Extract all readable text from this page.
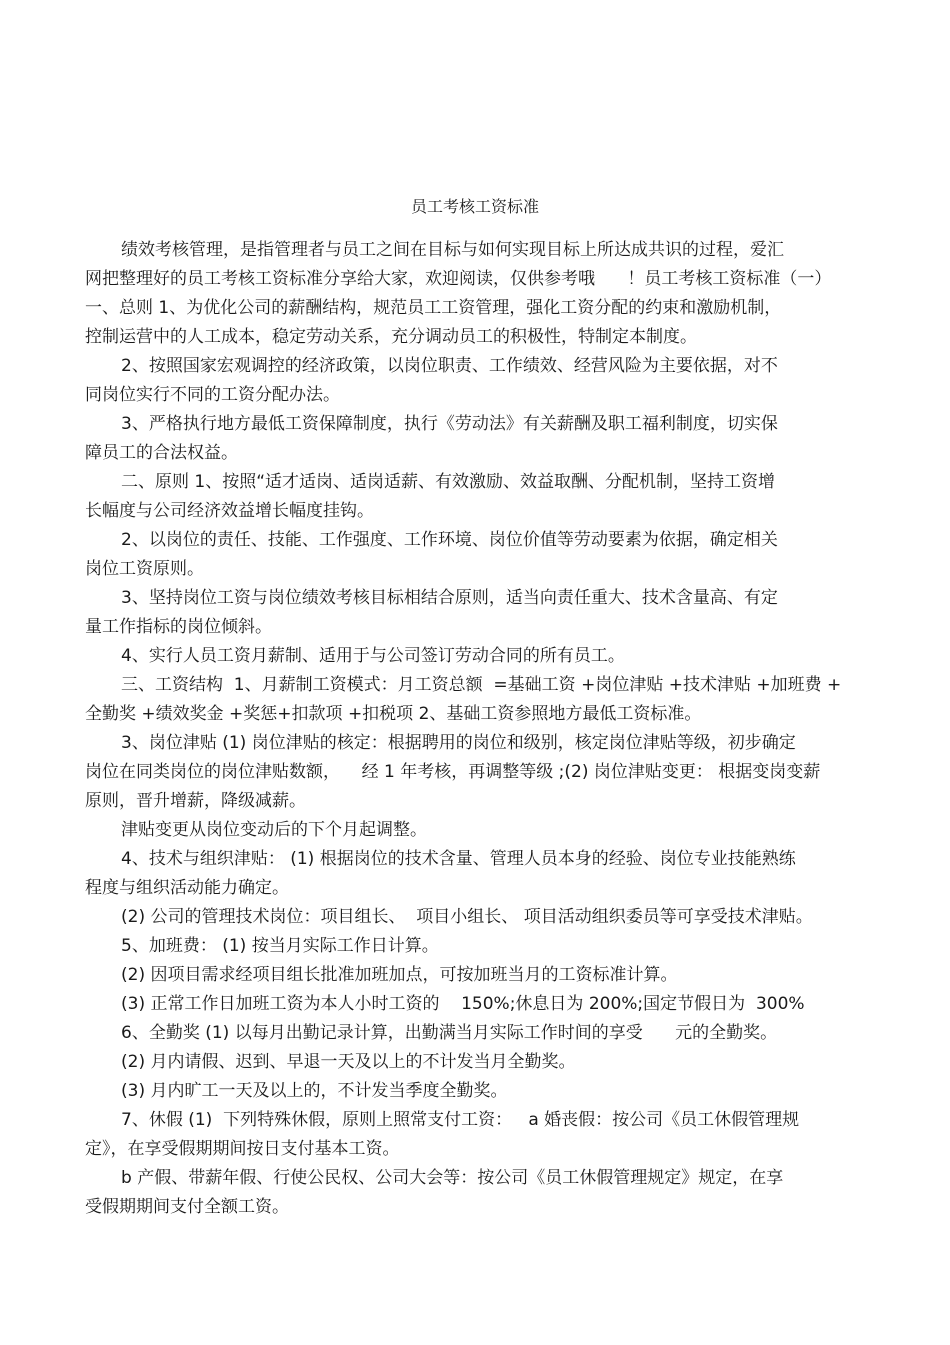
员工考核工资标准
绩效考核管理，是指管理者与员工之间在目标与如何实现目标上所达成共识的过程，爱汇
网把整理好的员工考核工资标准分享给大家，欢迎阅读，仅供参考哦      ！员工考核工资标准（一）
一、总则 1、为优化公司的薪酬结构，规范员工工资管理，强化工资分配的约束和激励机制，
控制运营中的人工成本，稳定劳动关系，充分调动员工的积极性，特制定本制度。
2、按照国家宏观调控的经济政策，以岗位职责、工作绩效、经营风险为主要依据，对不
同岗位实行不同的工资分配办法。
3、严格执行地方最低工资保障制度，执行《劳动法》有关薪酬及职工福利制度，切实保
障员工的合法权益。
二、原则 1、按照“适才适岗、适岗适薪、有效激励、效益取酬、分配机制，坚持工资增
长幅度与公司经济效益增长幅度挂钩。
2、以岗位的责任、技能、工作强度、工作环境、岗位价值等劳动要素为依据，确定相关
岗位工资原则。
3、坚持岗位工资与岗位绩效考核目标相结合原则，适当向责任重大、技术含量高、有定
量工作指标的岗位倾斜。
4、实行人员工资月薪制、适用于与公司签订劳动合同的所有员工。
三、工资结构  1、月薪制工资模式：月工资总额  =基础工资 +岗位津贴 +技术津贴 +加班费 +
全勤奖 +绩效奖金 +奖惩+扣款项 +扣税项 2、基础工资参照地方最低工资标准。
3、岗位津贴 (1) 岗位津贴的核定：根据聘用的岗位和级别，核定岗位津贴等级，初步确定
岗位在同类岗位的岗位津贴数额，    经 1 年考核，再调整等级 ;(2) 岗位津贴变更： 根据变岗变薪
原则，晋升增薪，降级减薪。
津贴变更从岗位变动后的下个月起调整。
4、技术与组织津贴： (1) 根据岗位的技术含量、管理人员本身的经验、岗位专业技能熟练
程度与组织活动能力确定。
(2) 公司的管理技术岗位：项目组长、  项目小组长、 项目活动组织委员等可享受技术津贴。
5、加班费： (1) 按当月实际工作日计算。
(2) 因项目需求经项目组长批准加班加点，可按加班当月的工资标准计算。
(3) 正常工作日加班工资为本人小时工资的    150%;休息日为 200%;国定节假日为  300%
6、全勤奖 (1) 以每月出勤记录计算，出勤满当月实际工作时间的享受      元的全勤奖。
(2) 月内请假、迟到、早退一天及以上的不计发当月全勤奖。
(3) 月内旷工一天及以上的，不计发当季度全勤奖。
7、休假 (1)  下列特殊休假，原则上照常支付工资：   a 婚丧假：按公司《员工休假管理规
定》，在享受假期期间按日支付基本工资。
b 产假、带薪年假、行使公民权、公司大会等：按公司《员工休假管理规定》规定，在享
受假期期间支付全额工资。
